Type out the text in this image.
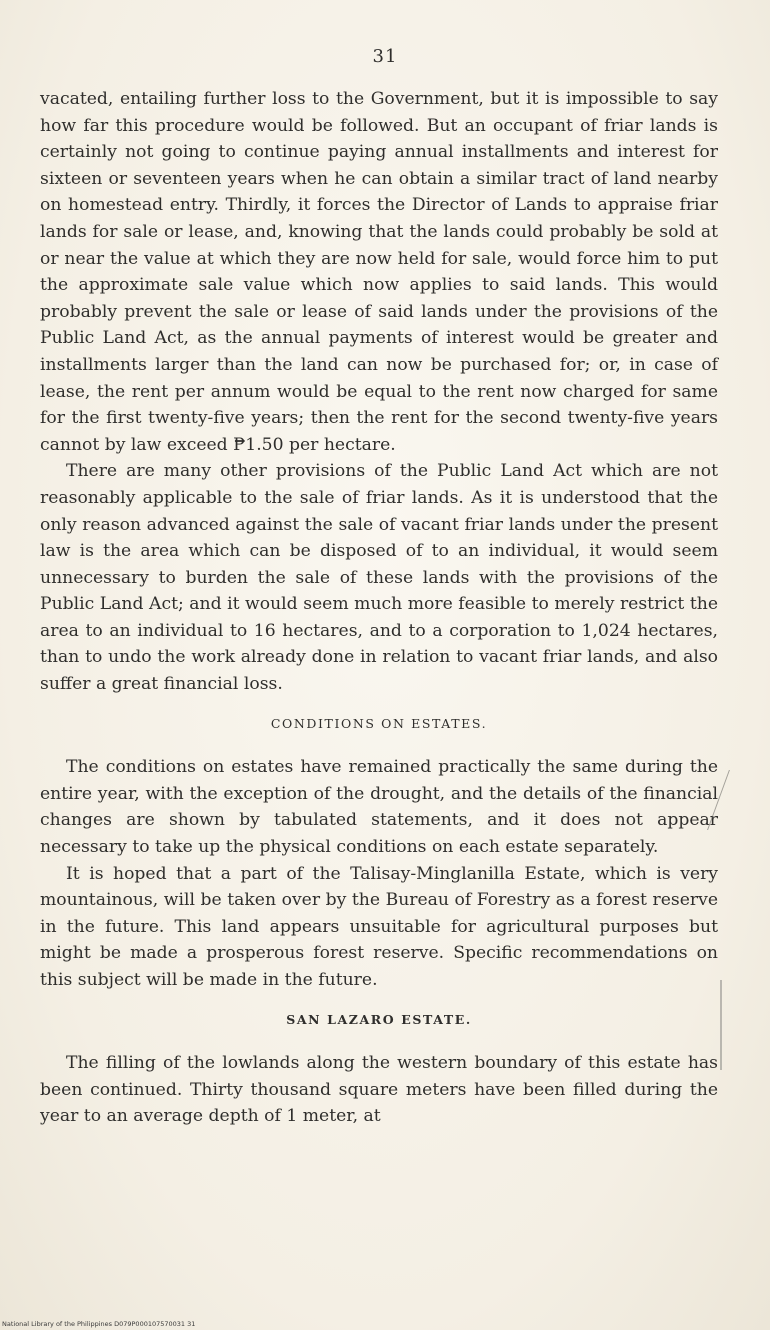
31

vacated, entailing further loss to the Government, but it is impossible to say how far this procedure would be followed. But an occupant of friar lands is certainly not going to continue paying annual installments and interest for sixteen or seventeen years when he can obtain a similar tract of land nearby on homestead entry. Thirdly, it forces the Director of Lands to appraise friar lands for sale or lease, and, knowing that the lands could probably be sold at or near the value at which they are now held for sale, would force him to put the approximate sale value which now applies to said lands. This would probably prevent the sale or lease of said lands under the provisions of the Public Land Act, as the annual payments of interest would be greater and installments larger than the land can now be purchased for; or, in case of lease, the rent per annum would be equal to the rent now charged for same for the first twenty-five years; then the rent for the second twenty-five years cannot by law exceed ₱1.50 per hectare.

There are many other provisions of the Public Land Act which are not reasonably applicable to the sale of friar lands. As it is understood that the only reason advanced against the sale of vacant friar lands under the present law is the area which can be disposed of to an individual, it would seem unnecessary to burden the sale of these lands with the provisions of the Public Land Act; and it would seem much more feasible to merely restrict the area to an individual to 16 hectares, and to a corporation to 1,024 hectares, than to undo the work already done in relation to vacant friar lands, and also suffer a great financial loss.

CONDITIONS ON ESTATES.

The conditions on estates have remained practically the same during the entire year, with the exception of the drought, and the details of the financial changes are shown by tabulated statements, and it does not appear necessary to take up the physical conditions on each estate separately.

It is hoped that a part of the Talisay-Minglanilla Estate, which is very mountainous, will be taken over by the Bureau of Forestry as a forest reserve in the future. This land appears unsuitable for agricultural purposes but might be made a prosperous forest reserve. Specific recommendations on this subject will be made in the future.

SAN LAZARO ESTATE.

The filling of the lowlands along the western boundary of this estate has been continued. Thirty thousand square meters have been filled during the year to an average depth of 1 meter, at

National Library of the Philippines D079P000107570031 31
